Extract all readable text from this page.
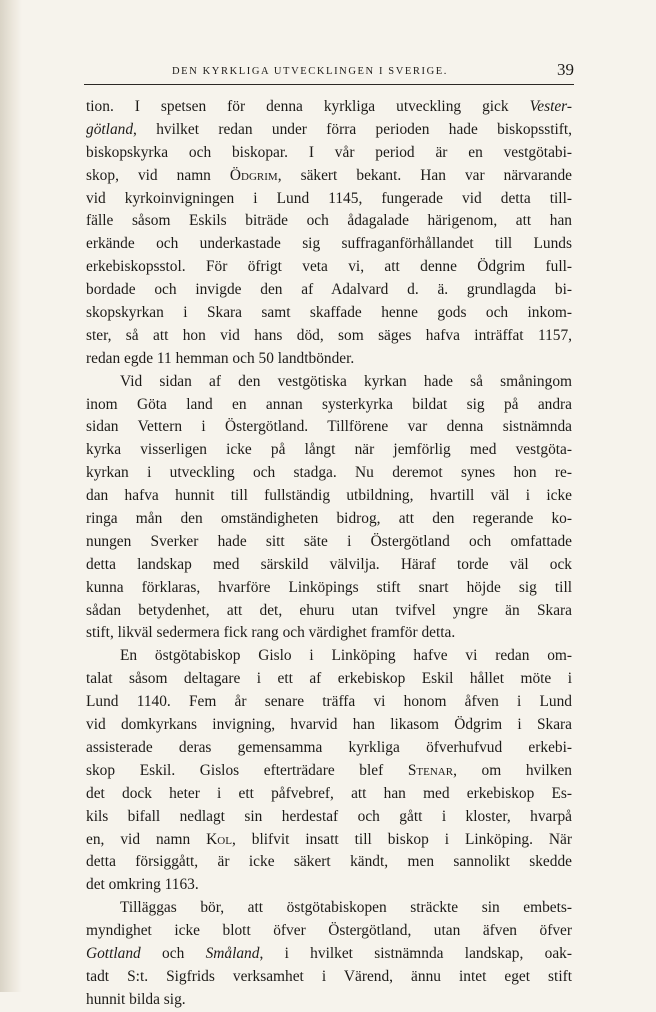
DEN KYRKLIGA UTVECKLINGEN I SVERIGE.	39
tion. I spetsen för denna kyrkliga utveckling gick Vester-
götland, hvilket redan under förra perioden hade biskopsstift,
biskopskyrka och biskopar. I vår period är en vestgötabi-
skop, vid namn Ödgrim, säkert bekant. Han var närvarande
vid kyrkoinvigningen i Lund 1145, fungerade vid detta till-
fälle såsom Eskils biträde och ådagalade härigenom, att han
erkände och underkastade sig suffraganförhållandet till Lunds
erkebiskopsstol. För öfrigt veta vi, att denne Ödgrim full-
bordade och invigde den af Adalvard d. ä. grundlagda bi-
skopskyrkan i Skara samt skaffade henne gods och inkom-
ster, så att hon vid hans död, som säges hafva inträffat 1157,
redan egde 11 hemman och 50 landtbönder.
Vid sidan af den vestgötiska kyrkan hade så småningom
inom Göta land en annan systerkyrka bildat sig på andra
sidan Vettern i Östergötland. Tillförene var denna sistnämnda
kyrka visserligen icke på långt när jemförlig med vestgöta-
kyrkan i utveckling och stadga. Nu deremot synes hon re-
dan hafva hunnit till fullständig utbildning, hvartill väl i icke
ringa mån den omständigheten bidrog, att den regerande ko-
nungen Sverker hade sitt säte i Östergötland och omfattade
detta landskap med särskild välvilja. Häraf torde väl ock
kunna förklaras, hvarföre Linköpings stift snart höjde sig till
sådan betydenhet, att det, ehuru utan tvifvel yngre än Skara
stift, likväl sedermera fick rang och värdighet framför detta.
En östgötabiskop Gislo i Linköping hafve vi redan om-
talat såsom deltagare i ett af erkebiskop Eskil hållet möte i
Lund 1140. Fem år senare träffa vi honom åfven i Lund
vid domkyrkans invigning, hvarvid han likasom Ödgrim i Skara
assisterade deras gemensamma kyrkliga öfverhufvud erkebi-
skop Eskil. Gislos efterträdare blef Stenar, om hvilken
det dock heter i ett påfvebref, att han med erkebiskop Es-
kils bifall nedlagt sin herdestaf och gått i kloster, hvarpå
en, vid namn Kol, blifvit insatt till biskop i Linköping. När
detta försiggått, är icke säkert kändt, men sannolikt skedde
det omkring 1163.
Tilläggas bör, att östgötabiskopen sträckte sin embets-
myndighet icke blott öfver Östergötland, utan äfven öfver
Gottland och Småland, i hvilket sistnämnda landskap, oak-
tadt S:t. Sigfrids verksamhet i Värend, ännu intet eget stift
hunnit bilda sig.
